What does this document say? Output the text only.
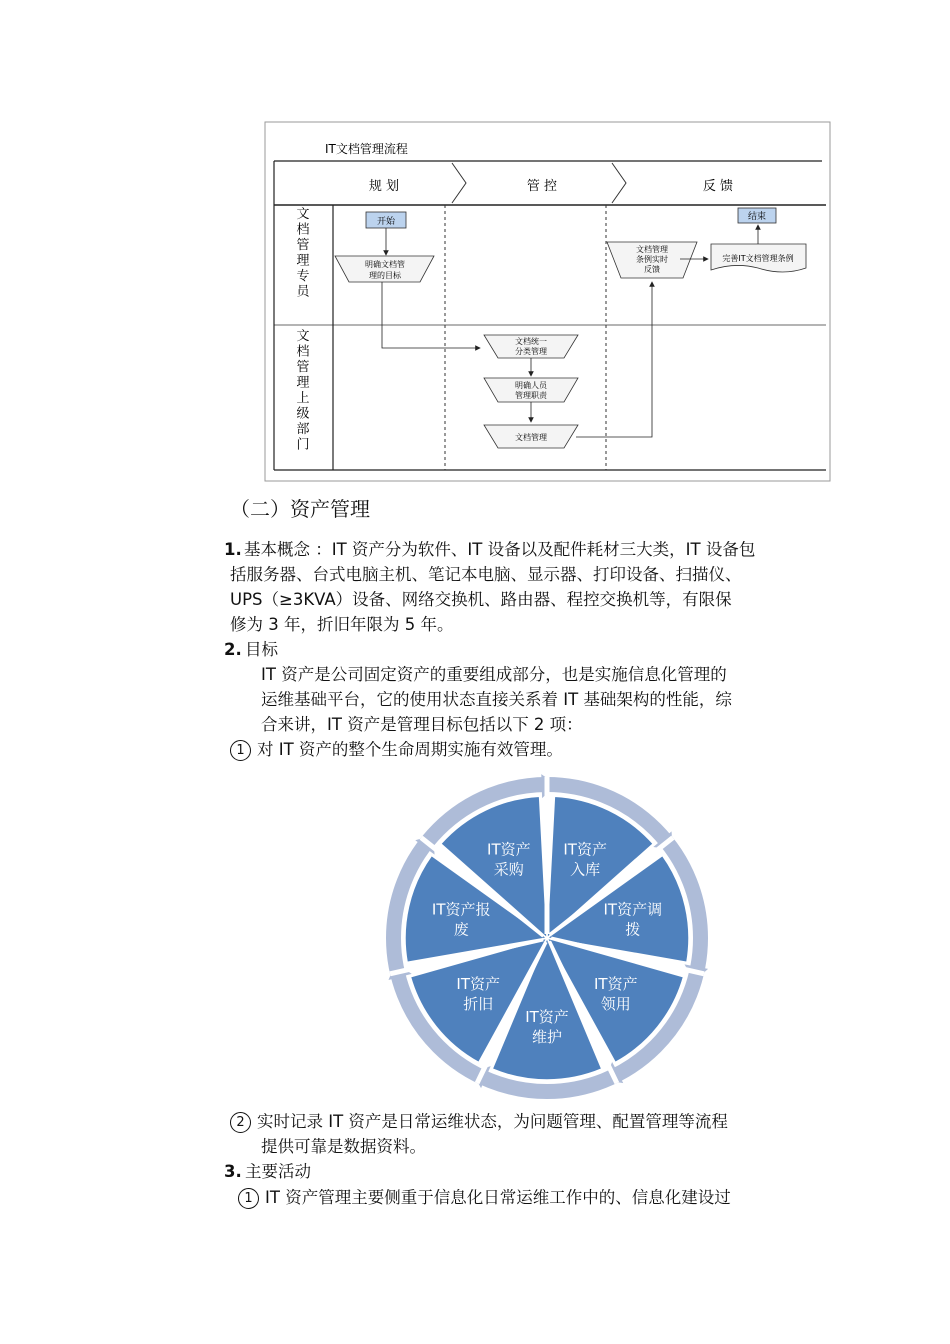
IT文档管理流程
规 划	管 控	反 馈
文档管理专员
文档管理上级部门
开始
明确文档管
理的目标
文档统一
分类管理
明确人员
管理职责
文档管理
文档管理
条例实时
反馈
完善IT文档管理条例
结束
（二）资产管理
1. 基本概念 ：IT 资产分为软件、IT 设备以及配件耗材三大类，IT 设备包
括服务器、台式电脑主机、笔记本电脑、显示器、打印设备、扫描仪、
UPS（≥3KVA）设备、网络交换机、路由器、程控交换机等，有限保
修为 3 年，折旧年限为 5 年。
2. 目标
IT 资产是公司固定资产的重要组成部分，也是实施信息化管理的
运维基础平台，它的使用状态直接关系着 IT 基础架构的性能，综
合来讲，IT 资产是管理目标包括以下 2 项：
1 对 IT 资产的整个生命周期实施有效管理。
IT资产入库
IT资产调拨
IT资产领用
IT资产维护
IT资产折旧
IT资产报废
IT资产采购
2 实时记录 IT 资产是日常运维状态，为问题管理、配置管理等流程
提供可靠是数据资料。
3. 主要活动
1 IT 资产管理主要侧重于信息化日常运维工作中的、信息化建设过
